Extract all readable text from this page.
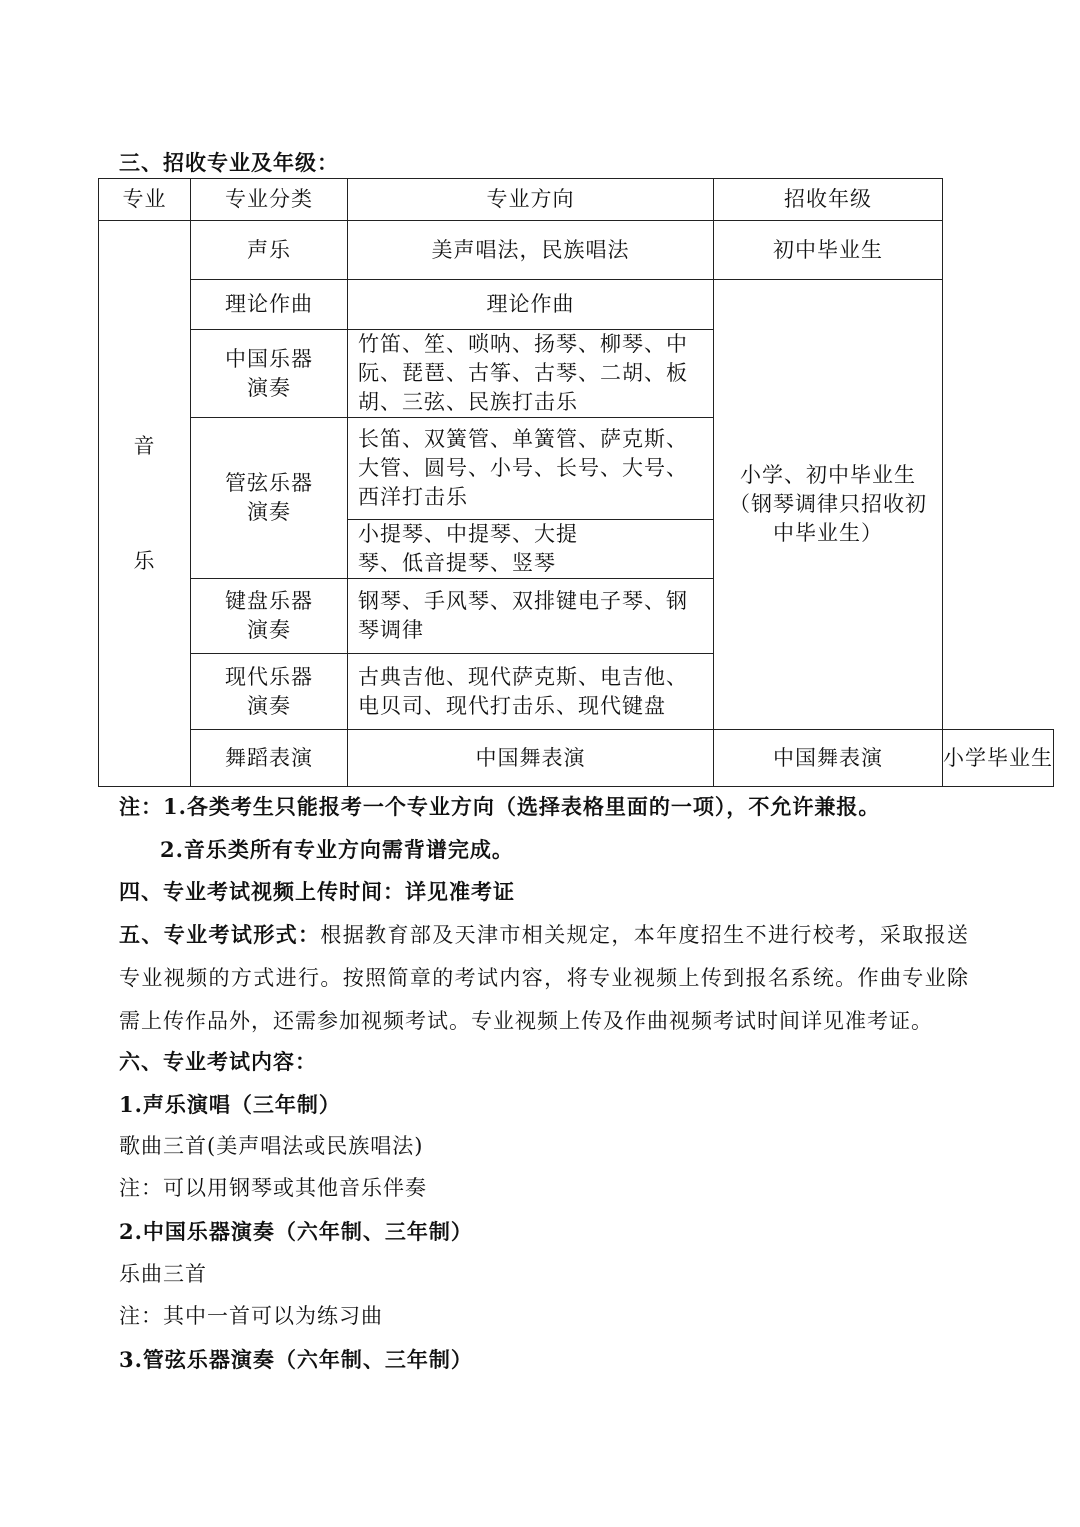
三、招收专业及年级：
专业	专业分类	专业方向	招收年级	

音
乐	声乐	美声唱法，民族唱法	初中毕业生	
	理论作曲	理论作曲	小学、初中毕业生（钢琴调律只招收初中毕业生）	
	中国乐器演奏	竹笛、笙、唢呐、扬琴、柳琴、中阮、琵琶、古筝、古琴、二胡、板胡、三弦、民族打击乐		
	管弦乐器演奏	长笛、双簧管、单簧管、萨克斯、大管、圆号、小号、长号、大号、西洋打击乐		
		小提琴、中提琴、大提琴、低音提琴、竖琴		
	键盘乐器演奏	钢琴、手风琴、双排键电子琴、钢琴调律		
	现代乐器演奏	古典吉他、现代萨克斯、电吉他、电贝司、现代打击乐、现代键盘		
	舞蹈表演	中国舞表演	中国舞表演	小学毕业生
注：1.各类考生只能报考一个专业方向（选择表格里面的一项），不允许兼报。
2.音乐类所有专业方向需背谱完成。
四、专业考试视频上传时间：详见准考证
五、专业考试形式：根据教育部及天津市相关规定，本年度招生不进行校考，采取报送专业视频的方式进行。按照简章的考试内容，将专业视频上传到报名系统。作曲专业除需上传作品外，还需参加视频考试。专业视频上传及作曲视频考试时间详见准考证。
六、专业考试内容：
1.声乐演唱（三年制）
歌曲三首(美声唱法或民族唱法)
注：可以用钢琴或其他音乐伴奏
2.中国乐器演奏（六年制、三年制）
乐曲三首
注：其中一首可以为练习曲
3.管弦乐器演奏（六年制、三年制）
